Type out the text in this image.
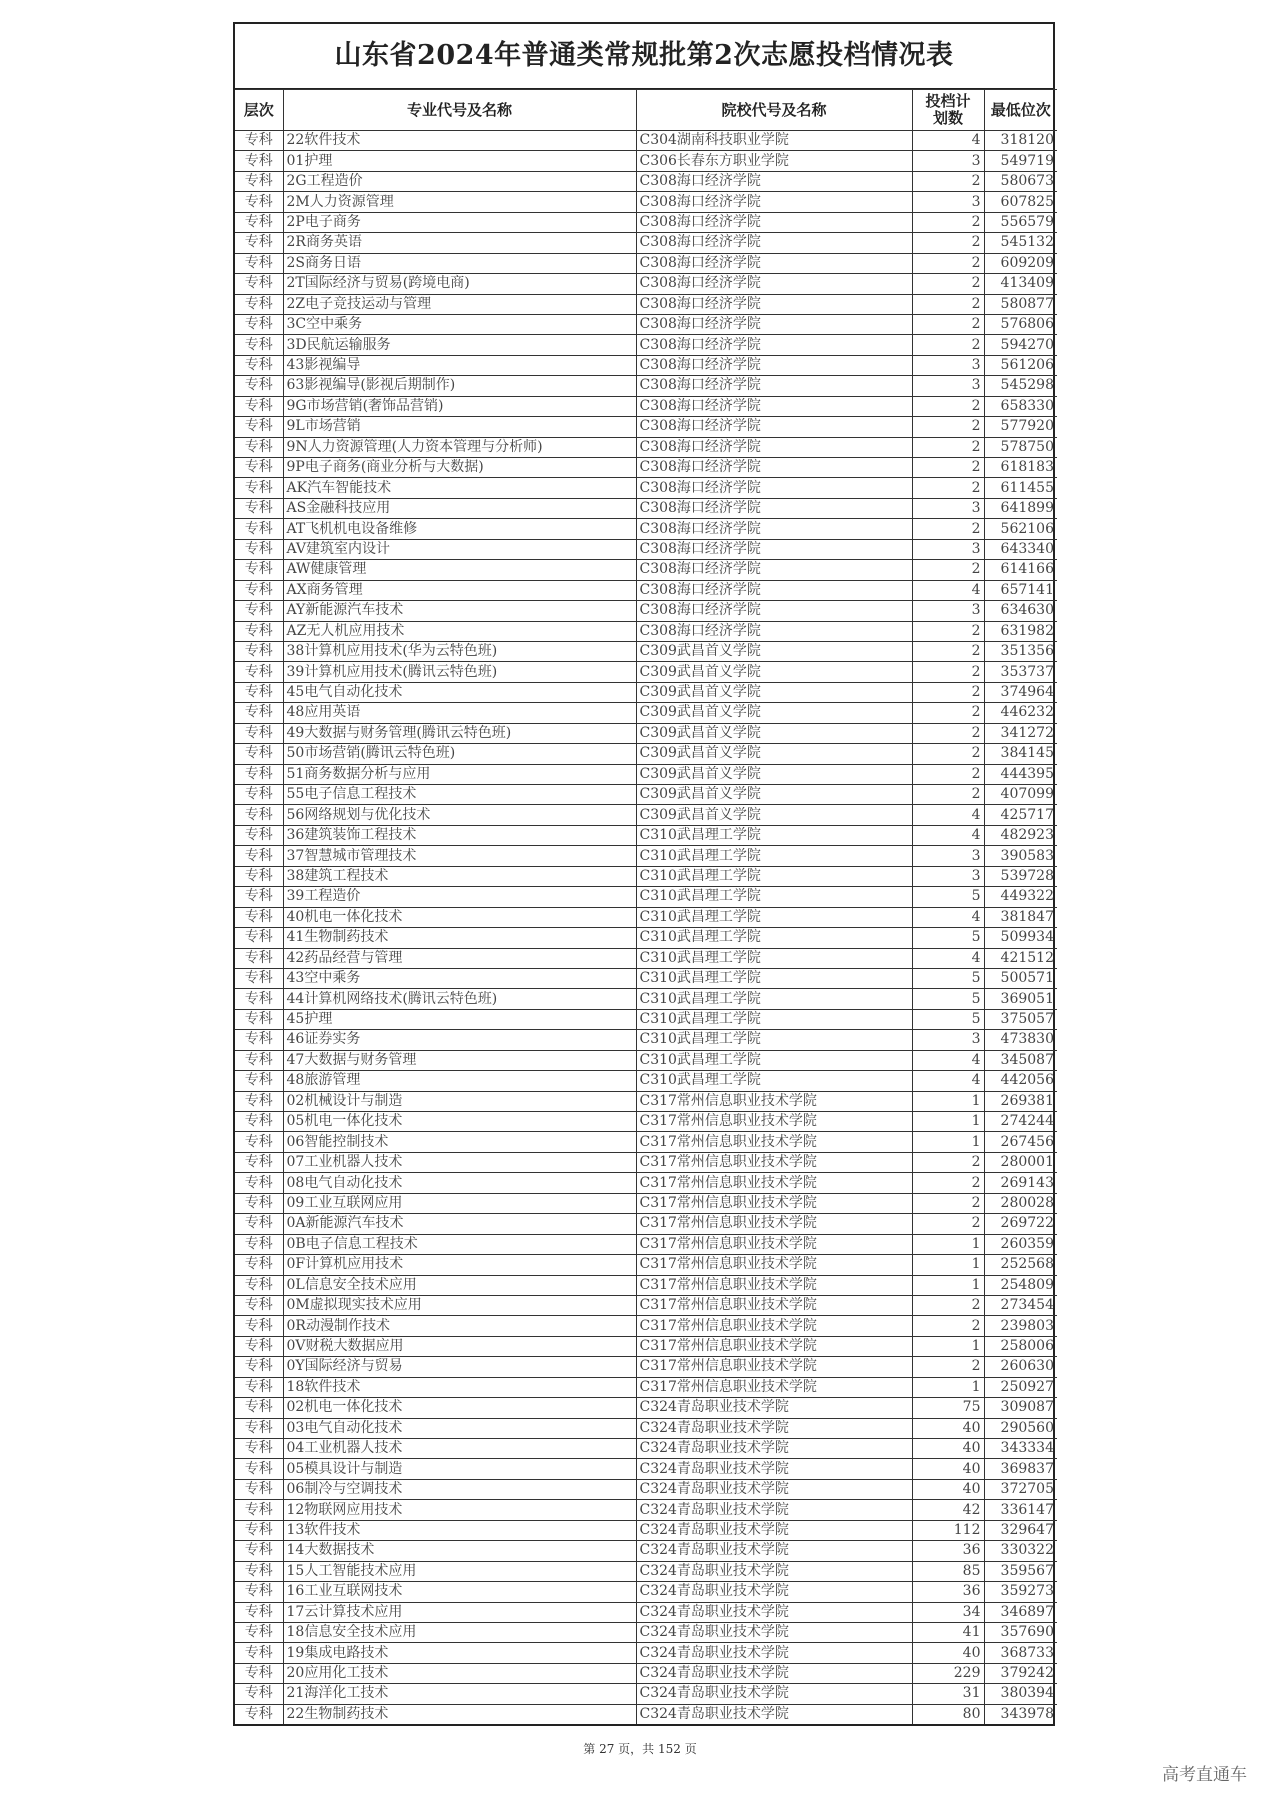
山东省2024年普通类常规批第2次志愿投档情况表
层次	专业代号及名称	院校代号及名称	投档计划数	最低位次
专科	22软件技术	C304湖南科技职业学院	4	318120
专科	01护理	C306长春东方职业学院	3	549719
专科	2G工程造价	C308海口经济学院	2	580673
专科	2M人力资源管理	C308海口经济学院	3	607825
专科	2P电子商务	C308海口经济学院	2	556579
专科	2R商务英语	C308海口经济学院	2	545132
专科	2S商务日语	C308海口经济学院	2	609209
专科	2T国际经济与贸易(跨境电商)	C308海口经济学院	2	413409
专科	2Z电子竞技运动与管理	C308海口经济学院	2	580877
专科	3C空中乘务	C308海口经济学院	2	576806
专科	3D民航运输服务	C308海口经济学院	2	594270
专科	43影视编导	C308海口经济学院	3	561206
专科	63影视编导(影视后期制作)	C308海口经济学院	3	545298
专科	9G市场营销(奢饰品营销)	C308海口经济学院	2	658330
专科	9L市场营销	C308海口经济学院	2	577920
专科	9N人力资源管理(人力资本管理与分析师)	C308海口经济学院	2	578750
专科	9P电子商务(商业分析与大数据)	C308海口经济学院	2	618183
专科	AK汽车智能技术	C308海口经济学院	2	611455
专科	AS金融科技应用	C308海口经济学院	3	641899
专科	AT飞机机电设备维修	C308海口经济学院	2	562106
专科	AV建筑室内设计	C308海口经济学院	3	643340
专科	AW健康管理	C308海口经济学院	2	614166
专科	AX商务管理	C308海口经济学院	4	657141
专科	AY新能源汽车技术	C308海口经济学院	3	634630
专科	AZ无人机应用技术	C308海口经济学院	2	631982
专科	38计算机应用技术(华为云特色班)	C309武昌首义学院	2	351356
专科	39计算机应用技术(腾讯云特色班)	C309武昌首义学院	2	353737
专科	45电气自动化技术	C309武昌首义学院	2	374964
专科	48应用英语	C309武昌首义学院	2	446232
专科	49大数据与财务管理(腾讯云特色班)	C309武昌首义学院	2	341272
专科	50市场营销(腾讯云特色班)	C309武昌首义学院	2	384145
专科	51商务数据分析与应用	C309武昌首义学院	2	444395
专科	55电子信息工程技术	C309武昌首义学院	2	407099
专科	56网络规划与优化技术	C309武昌首义学院	4	425717
专科	36建筑装饰工程技术	C310武昌理工学院	4	482923
专科	37智慧城市管理技术	C310武昌理工学院	3	390583
专科	38建筑工程技术	C310武昌理工学院	3	539728
专科	39工程造价	C310武昌理工学院	5	449322
专科	40机电一体化技术	C310武昌理工学院	4	381847
专科	41生物制药技术	C310武昌理工学院	5	509934
专科	42药品经营与管理	C310武昌理工学院	4	421512
专科	43空中乘务	C310武昌理工学院	5	500571
专科	44计算机网络技术(腾讯云特色班)	C310武昌理工学院	5	369051
专科	45护理	C310武昌理工学院	5	375057
专科	46证券实务	C310武昌理工学院	3	473830
专科	47大数据与财务管理	C310武昌理工学院	4	345087
专科	48旅游管理	C310武昌理工学院	4	442056
专科	02机械设计与制造	C317常州信息职业技术学院	1	269381
专科	05机电一体化技术	C317常州信息职业技术学院	1	274244
专科	06智能控制技术	C317常州信息职业技术学院	1	267456
专科	07工业机器人技术	C317常州信息职业技术学院	2	280001
专科	08电气自动化技术	C317常州信息职业技术学院	2	269143
专科	09工业互联网应用	C317常州信息职业技术学院	2	280028
专科	0A新能源汽车技术	C317常州信息职业技术学院	2	269722
专科	0B电子信息工程技术	C317常州信息职业技术学院	1	260359
专科	0F计算机应用技术	C317常州信息职业技术学院	1	252568
专科	0L信息安全技术应用	C317常州信息职业技术学院	1	254809
专科	0M虚拟现实技术应用	C317常州信息职业技术学院	2	273454
专科	0R动漫制作技术	C317常州信息职业技术学院	2	239803
专科	0V财税大数据应用	C317常州信息职业技术学院	1	258006
专科	0Y国际经济与贸易	C317常州信息职业技术学院	2	260630
专科	18软件技术	C317常州信息职业技术学院	1	250927
专科	02机电一体化技术	C324青岛职业技术学院	75	309087
专科	03电气自动化技术	C324青岛职业技术学院	40	290560
专科	04工业机器人技术	C324青岛职业技术学院	40	343334
专科	05模具设计与制造	C324青岛职业技术学院	40	369837
专科	06制冷与空调技术	C324青岛职业技术学院	40	372705
专科	12物联网应用技术	C324青岛职业技术学院	42	336147
专科	13软件技术	C324青岛职业技术学院	112	329647
专科	14大数据技术	C324青岛职业技术学院	36	330322
专科	15人工智能技术应用	C324青岛职业技术学院	85	359567
专科	16工业互联网技术	C324青岛职业技术学院	36	359273
专科	17云计算技术应用	C324青岛职业技术学院	34	346897
专科	18信息安全技术应用	C324青岛职业技术学院	41	357690
专科	19集成电路技术	C324青岛职业技术学院	40	368733
专科	20应用化工技术	C324青岛职业技术学院	229	379242
专科	21海洋化工技术	C324青岛职业技术学院	31	380394
专科	22生物制药技术	C324青岛职业技术学院	80	343978
第 27 页，共 152 页
高考直通车
